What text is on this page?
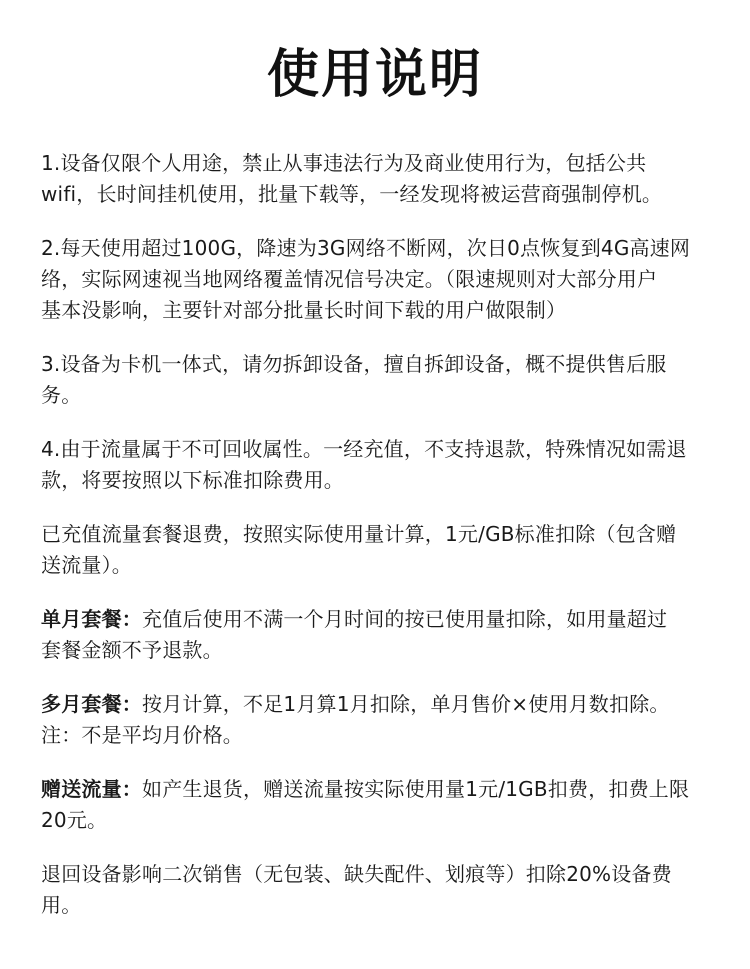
使用说明
1.设备仅限个人用途，禁止从事违法行为及商业使用行为，包括公共
wifi，长时间挂机使用，批量下载等，一经发现将被运营商强制停机。
2.每天使用超过100G，降速为3G网络不断网，次日0点恢复到4G高速网
络，实际网速视当地网络覆盖情况信号决定。（限速规则对大部分用户
基本没影响，主要针对部分批量长时间下载的用户做限制）
3.设备为卡机一体式，请勿拆卸设备，擅自拆卸设备，概不提供售后服
务。
4.由于流量属于不可回收属性。一经充值，不支持退款，特殊情况如需退
款，将要按照以下标准扣除费用。
已充值流量套餐退费，按照实际使用量计算，1元/GB标准扣除（包含赠
送流量）。
单月套餐：充值后使用不满一个月时间的按已使用量扣除，如用量超过
套餐金额不予退款。
多月套餐：按月计算，不足1月算1月扣除，单月售价×使用月数扣除。
注：不是平均月价格。
赠送流量：如产生退货，赠送流量按实际使用量1元/1GB扣费，扣费上限
20元。
退回设备影响二次销售（无包装、缺失配件、划痕等）扣除20%设备费
用。
